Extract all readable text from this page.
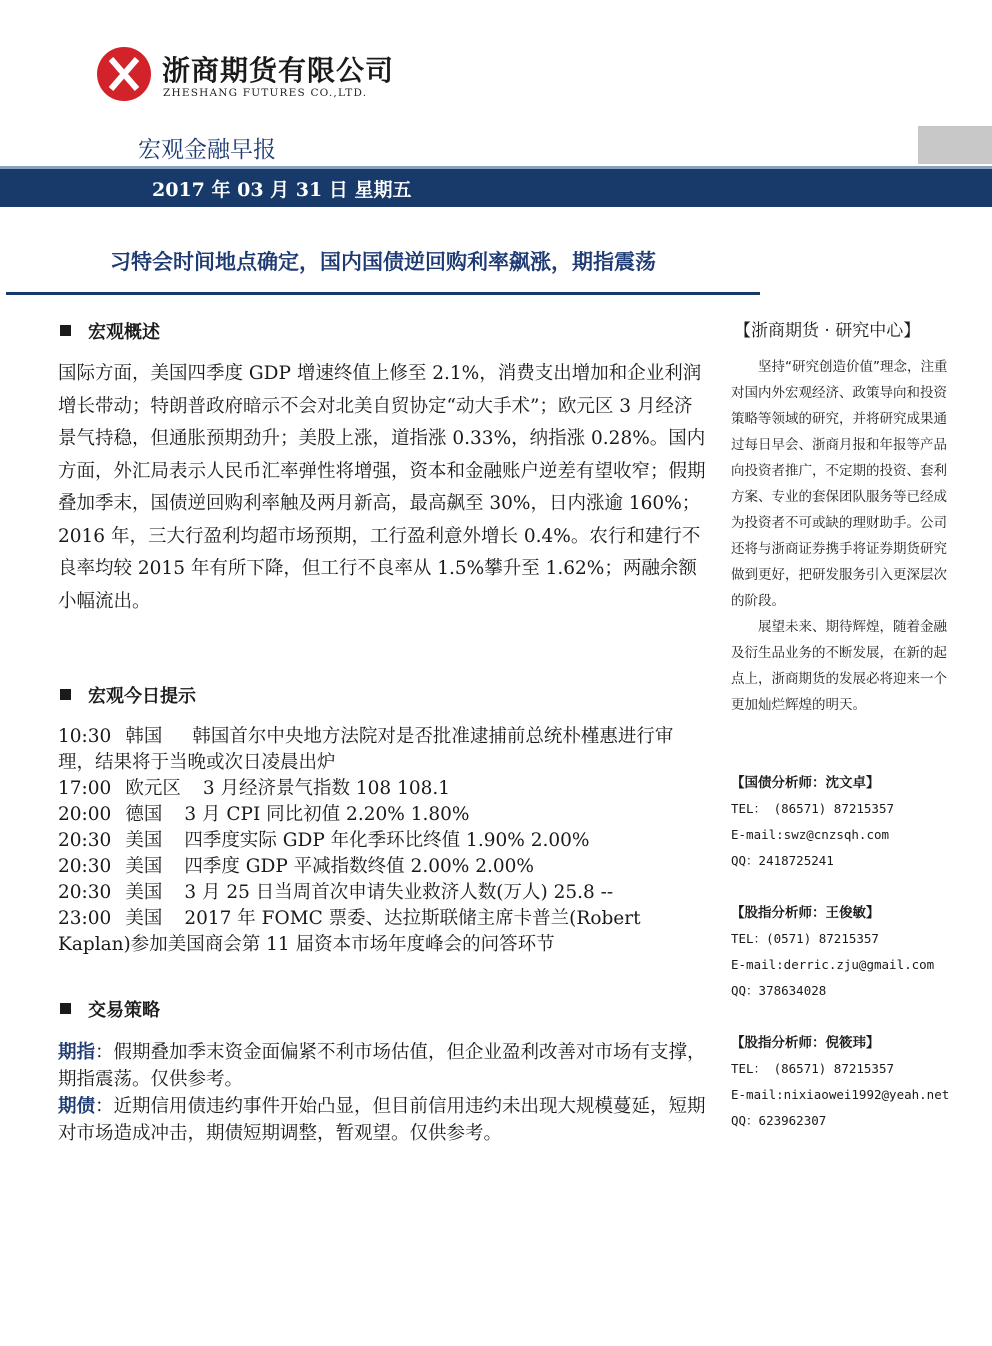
浙商期货有限公司
ZHESHANG FUTURES CO.,LTD.
宏观金融早报
2017 年 03 月 31 日 星期五
习特会时间地点确定，国内国债逆回购利率飙涨，期指震荡
宏观概述

国际方面，美国四季度 GDP 增速终值上修至 2.1%，消费支出增加和企业利润增长带动；特朗普政府暗示不会对北美自贸协定“动大手术”；欧元区 3 月经济景气持稳，但通胀预期劲升；美股上涨，道指涨 0.33%，纳指涨 0.28%。国内方面，外汇局表示人民币汇率弹性将增强，资本和金融账户逆差有望收窄；假期叠加季末，国债逆回购利率触及两月新高，最高飙至 30%，日内涨逾 160%；2016 年，三大行盈利均超市场预期，工行盈利意外增长 0.4%。农行和建行不良率均较 2015 年有所下降，但工行不良率从 1.5%攀升至 1.62%；两融余额小幅流出。

宏观今日提示
10:30 韩国 韩国首尔中央地方法院对是否批准逮捕前总统朴槿惠进行审理，结果将于当晚或次日凌晨出炉
17:00 欧元区 3 月经济景气指数 108 108.1
20:00 德国 3 月 CPI 同比初值 2.20% 1.80%
20:30 美国 四季度实际 GDP 年化季环比终值 1.90% 2.00%
20:30 美国 四季度 GDP 平减指数终值 2.00% 2.00%
20:30 美国 3 月 25 日当周首次申请失业救济人数(万人) 25.8 --
23:00 美国 2017 年 FOMC 票委、达拉斯联储主席卡普兰(Robert Kaplan)参加美国商会第 11 届资本市场年度峰会的问答环节
交易策略

期指：假期叠加季末资金面偏紧不利市场估值，但企业盈利改善对市场有支撑，期指震荡。仅供参考。

期债：近期信用债违约事件开始凸显，但目前信用违约未出现大规模蔓延，短期对市场造成冲击，期债短期调整，暂观望。仅供参考。

【浙商期货 · 研究中心】

坚持“研究创造价值”理念，注重对国内外宏观经济、政策导向和投资策略等领域的研究，并将研究成果通过每日早会、浙商月报和年报等产品向投资者推广，不定期的投资、套利方案、专业的套保团队服务等已经成为投资者不可或缺的理财助手。公司还将与浙商证券携手将证券期货研究做到更好，把研发服务引入更深层次的阶段。

展望未来、期待辉煌，随着金融及衍生品业务的不断发展，在新的起点上，浙商期货的发展必将迎来一个更加灿烂辉煌的明天。

【国债分析师：沈文卓】
TEL： (86571) 87215357
E-mail:swz@cnzsqh.com
QQ：2418725241
【股指分析师：王俊敏】
TEL：(0571) 87215357
E-mail:derric.zju@gmail.com
QQ：378634028
【股指分析师：倪筱玮】
TEL： (86571) 87215357
E-mail:nixiaowei1992@yeah.net
QQ：623962307
